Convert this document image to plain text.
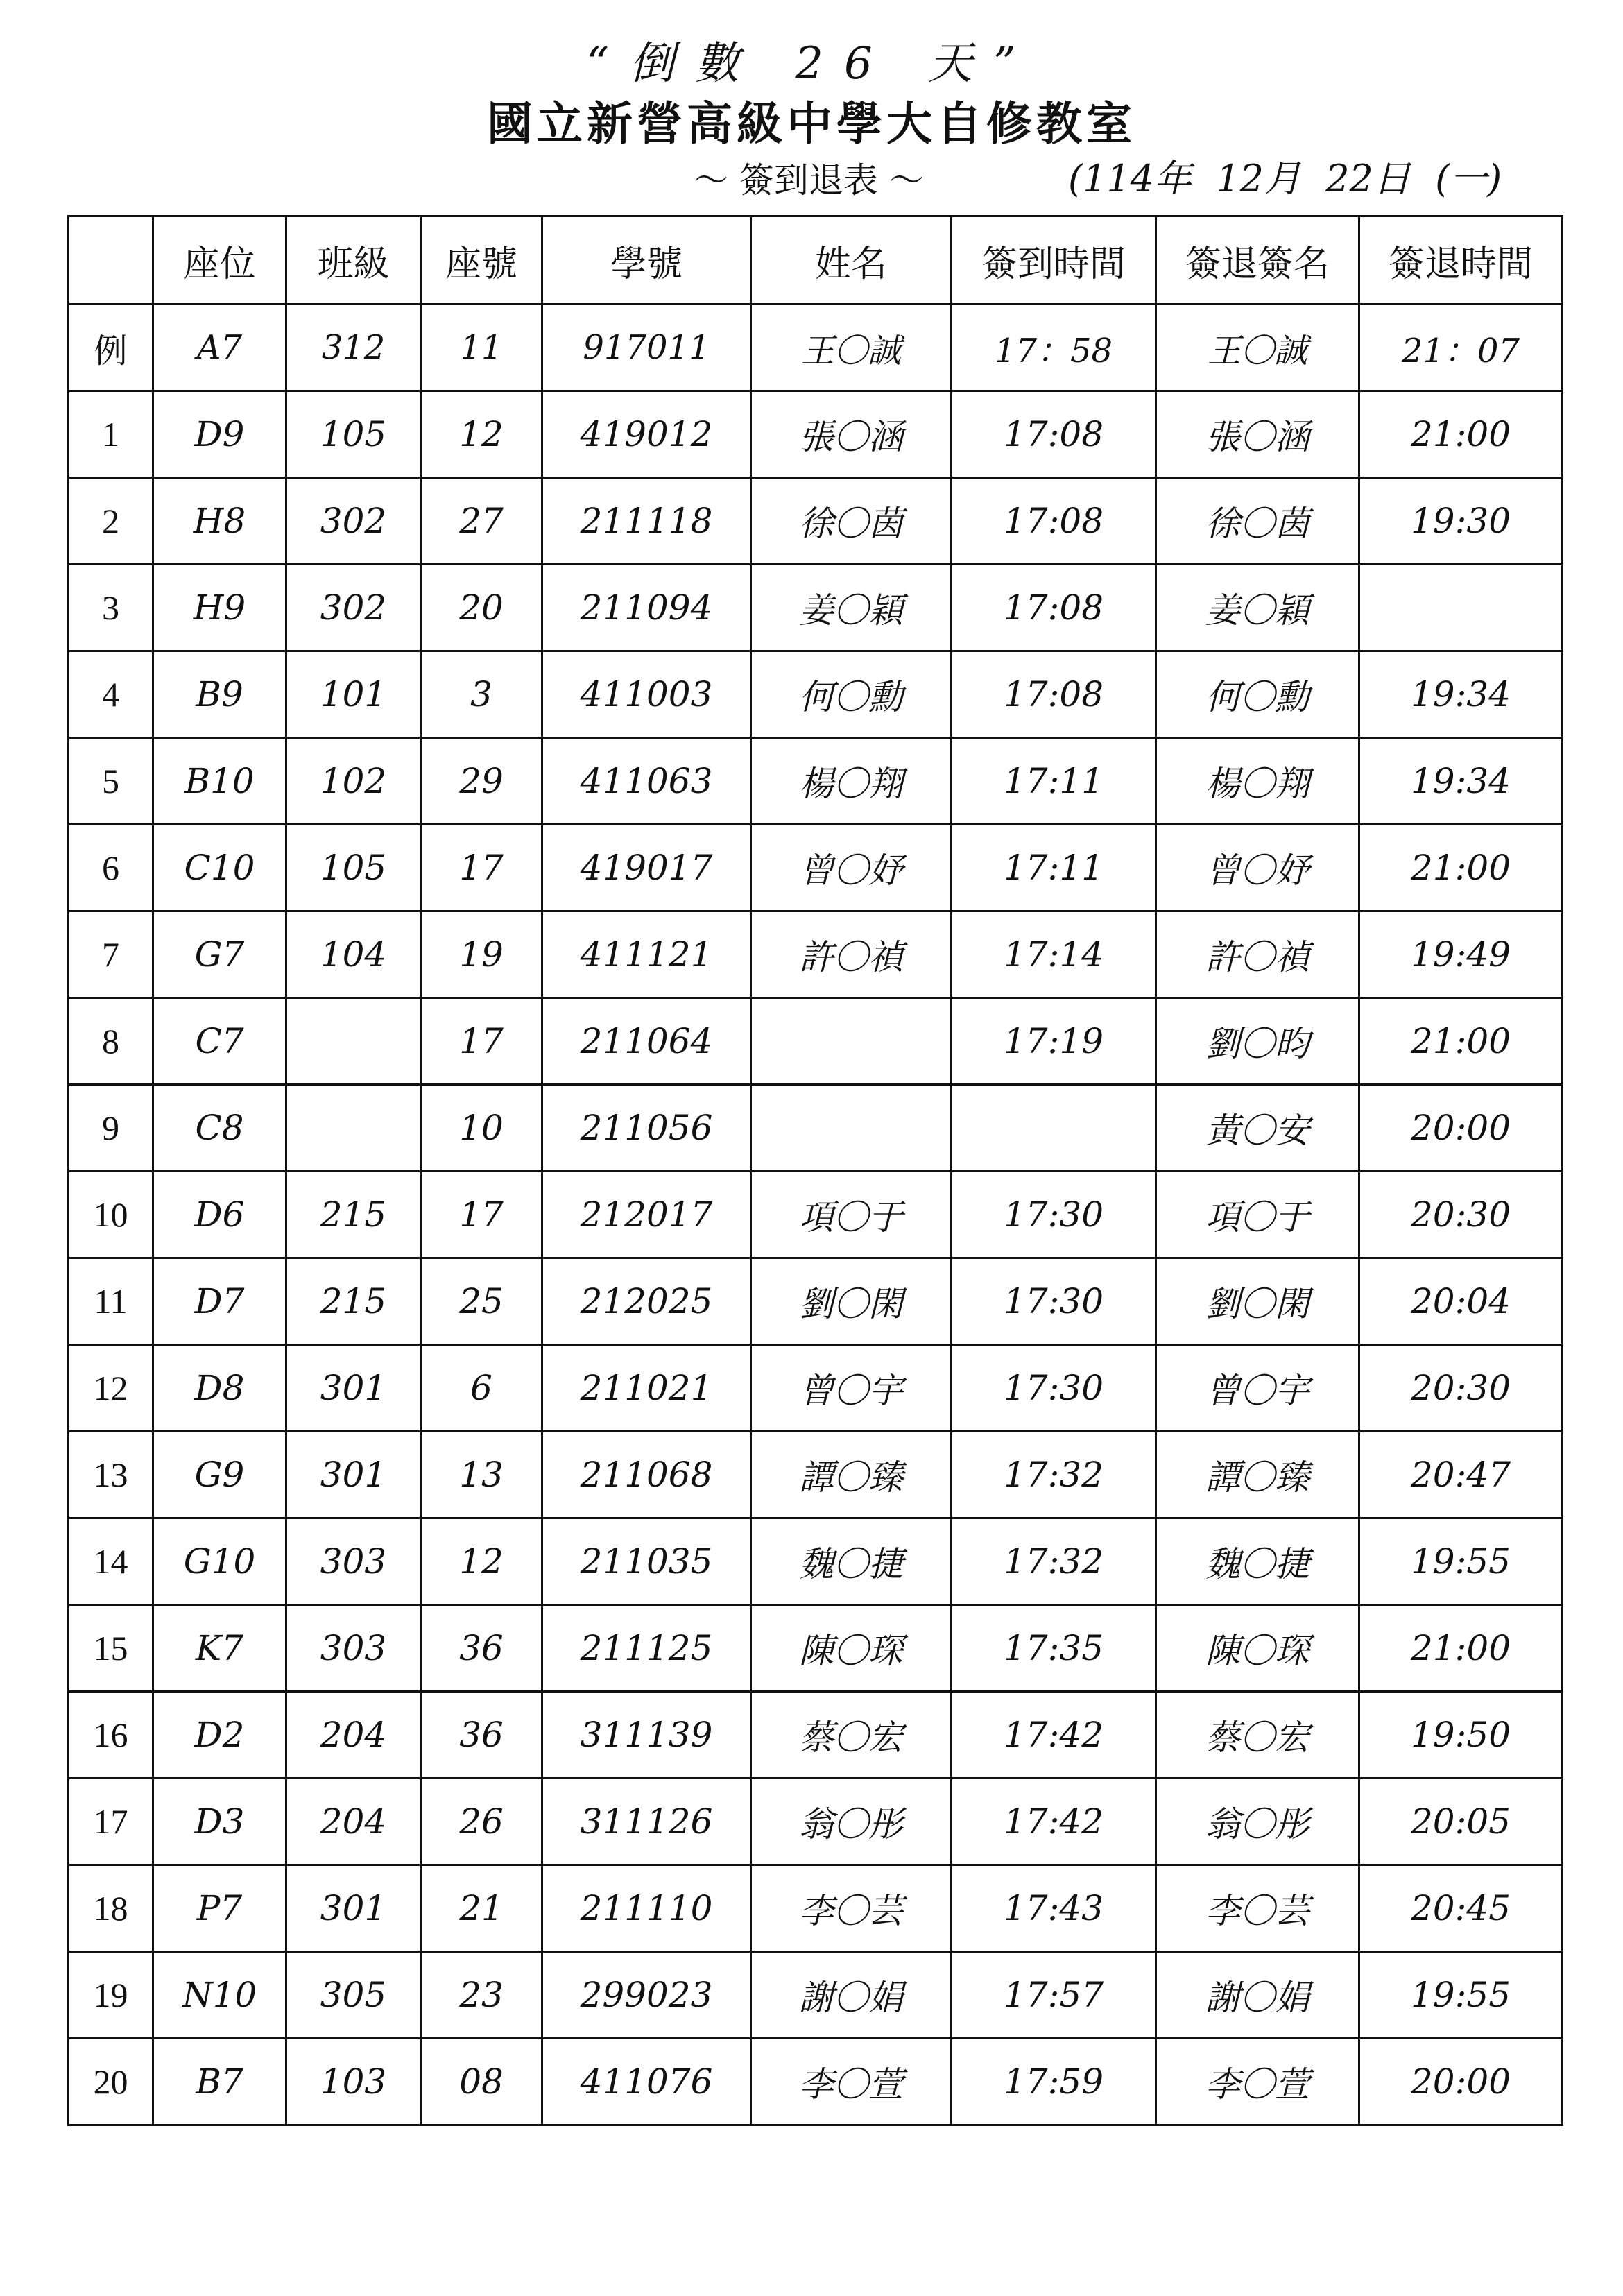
“倒數 26 天”
國立新營高級中學大自修教室
～ 簽到退表 ～	(114年 12月 22日 (一)
	座位	班級	座號	學號	姓名	簽到時間	簽退簽名	簽退時間
例	A7	312	11	917011	王〇誠	17：58	王〇誠	21：07
1	D9	105	12	419012	張〇涵	17:08	張〇涵	21:00
2	H8	302	27	211118	徐〇茵	17:08	徐〇茵	19:30
3	H9	302	20	211094	姜〇穎	17:08	姜〇穎	
4	B9	101	3	411003	何〇勳	17:08	何〇勳	19:34
5	B10	102	29	411063	楊〇翔	17:11	楊〇翔	19:34
6	C10	105	17	419017	曾〇妤	17:11	曾〇妤	21:00
7	G7	104	19	411121	許〇禎	17:14	許〇禎	19:49
8	C7		17	211064		17:19	劉〇昀	21:00
9	C8		10	211056			黃〇安	20:00
10	D6	215	17	212017	項〇于	17:30	項〇于	20:30
11	D7	215	25	212025	劉〇閑	17:30	劉〇閑	20:04
12	D8	301	6	211021	曾〇宇	17:30	曾〇宇	20:30
13	G9	301	13	211068	譚〇臻	17:32	譚〇臻	20:47
14	G10	303	12	211035	魏〇捷	17:32	魏〇捷	19:55
15	K7	303	36	211125	陳〇琛	17:35	陳〇琛	21:00
16	D2	204	36	311139	蔡〇宏	17:42	蔡〇宏	19:50
17	D3	204	26	311126	翁〇彤	17:42	翁〇彤	20:05
18	P7	301	21	211110	李〇芸	17:43	李〇芸	20:45
19	N10	305	23	299023	謝〇娟	17:57	謝〇娟	19:55
20	B7	103	08	411076	李〇萱	17:59	李〇萱	20:00
